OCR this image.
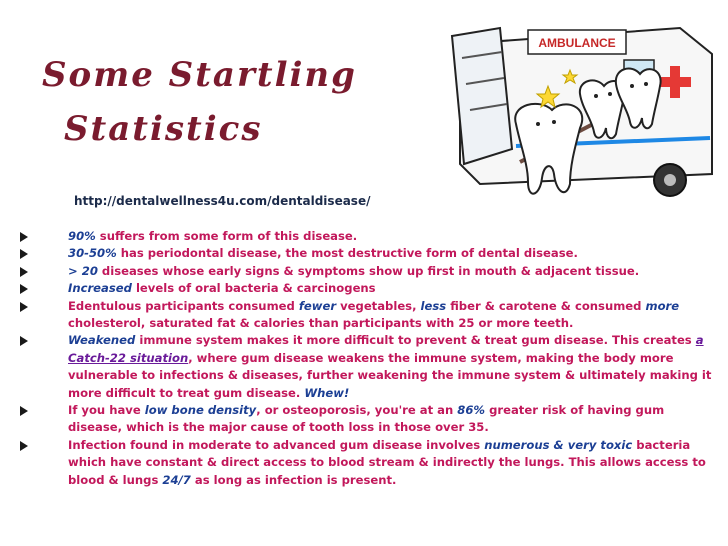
Some Startling
Statistics
http://dentalwellness4u.com/dentaldisease/
AMBULANCE
90% suffers from some form of this disease.
30-50% has periodontal disease, the most destructive form of dental disease.
> 20 diseases whose early signs & symptoms show up first in mouth & adjacent tissue.
Increased levels of oral bacteria & carcinogens
Edentulous participants consumed fewer vegetables, less fiber & carotene & consumed more cholesterol, saturated fat & calories than participants with 25 or more teeth.
Weakened immune system makes it more difficult to prevent & treat gum disease. This creates a Catch-22 situation, where gum disease weakens the immune system, making the body more vulnerable to infections & diseases, further weakening the immune system & ultimately making it more difficult to treat gum disease. Whew!
If you have low bone density, or osteoporosis, you're at an 86% greater risk of having gum disease, which is the major cause of tooth loss in those over 35.
Infection found in moderate to advanced gum disease involves numerous & very toxic bacteria which have constant & direct access to blood stream & indirectly the lungs. This allows access to blood & lungs 24/7 as long as infection is present.
